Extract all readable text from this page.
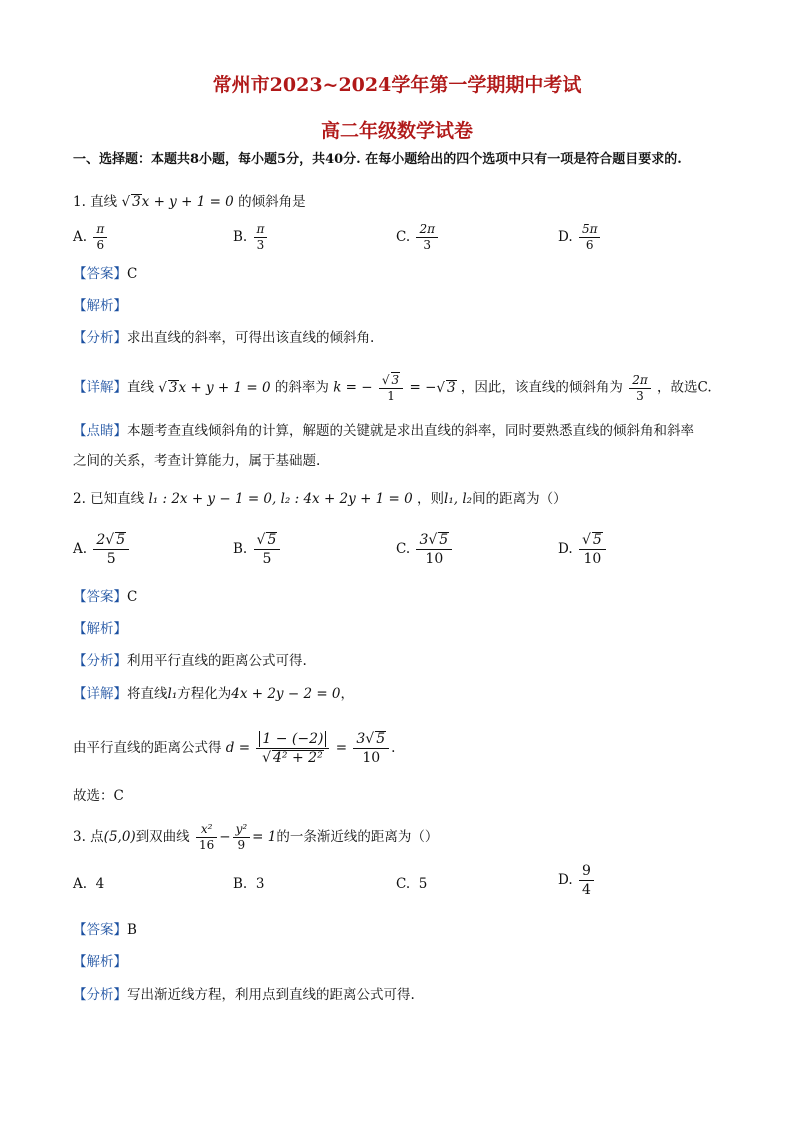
常州市2023~2024学年第一学期期中考试
高二年级数学试卷
一、选择题：本题共8小题，每小题5分，共40分. 在每小题给出的四个选项中只有一项是符合题目要求的.
1. 直线 √ 3x + y + 1 = 0 的倾斜角是
A. $\frac{\pi}{6}$	B. $\frac{\pi}{3}$	C. $\frac{2\pi}{3}$	D. $\frac{5\pi}{6}$
【答案】C
【解析】
【分析】求出直线的斜率，可得出该直线的倾斜角.
【详解】直线 √ 3x + y + 1 = 0 的斜率为 k = − $\frac{√ 3}{1}$ = −√ 3 ，因此，该直线的倾斜角为 $\frac{2\pi}{3}$ ，故选C.
【点睛】本题考查直线倾斜角的计算，解题的关键就是求出直线的斜率，同时要熟悉直线的倾斜角和斜率
之间的关系，考查计算能力，属于基础题.
2. 已知直线 l₁ : 2x + y − 1 = 0, l₂ : 4x + 2y + 1 = 0 ，则l₁, l₂间的距离为（）
A. $\frac{2√ 5}{5}$	B. $\frac{√ 5}{5}$	C. $\frac{3√ 5}{10}$	D. $\frac{√ 5}{10}$
【答案】C
【解析】
【分析】利用平行直线的距离公式可得.
【详解】将直线l₁方程化为4x + 2y − 2 = 0，
由平行直线的距离公式得 $d = \frac{1 - (-2)}{\text{√ 4² + 2²}} = \frac{3√ 5}{10}$ .
故选：C
3. 点(5,0)到双曲线 $\frac{\text{x²}}{16} - \frac{\text{y²}}{9} = 1$的一条渐近线的距离为（）
A. 4	B. 3	C. 5	D. $\frac{9}{4}$
【答案】B
【解析】
【分析】写出渐近线方程，利用点到直线的距离公式可得.
